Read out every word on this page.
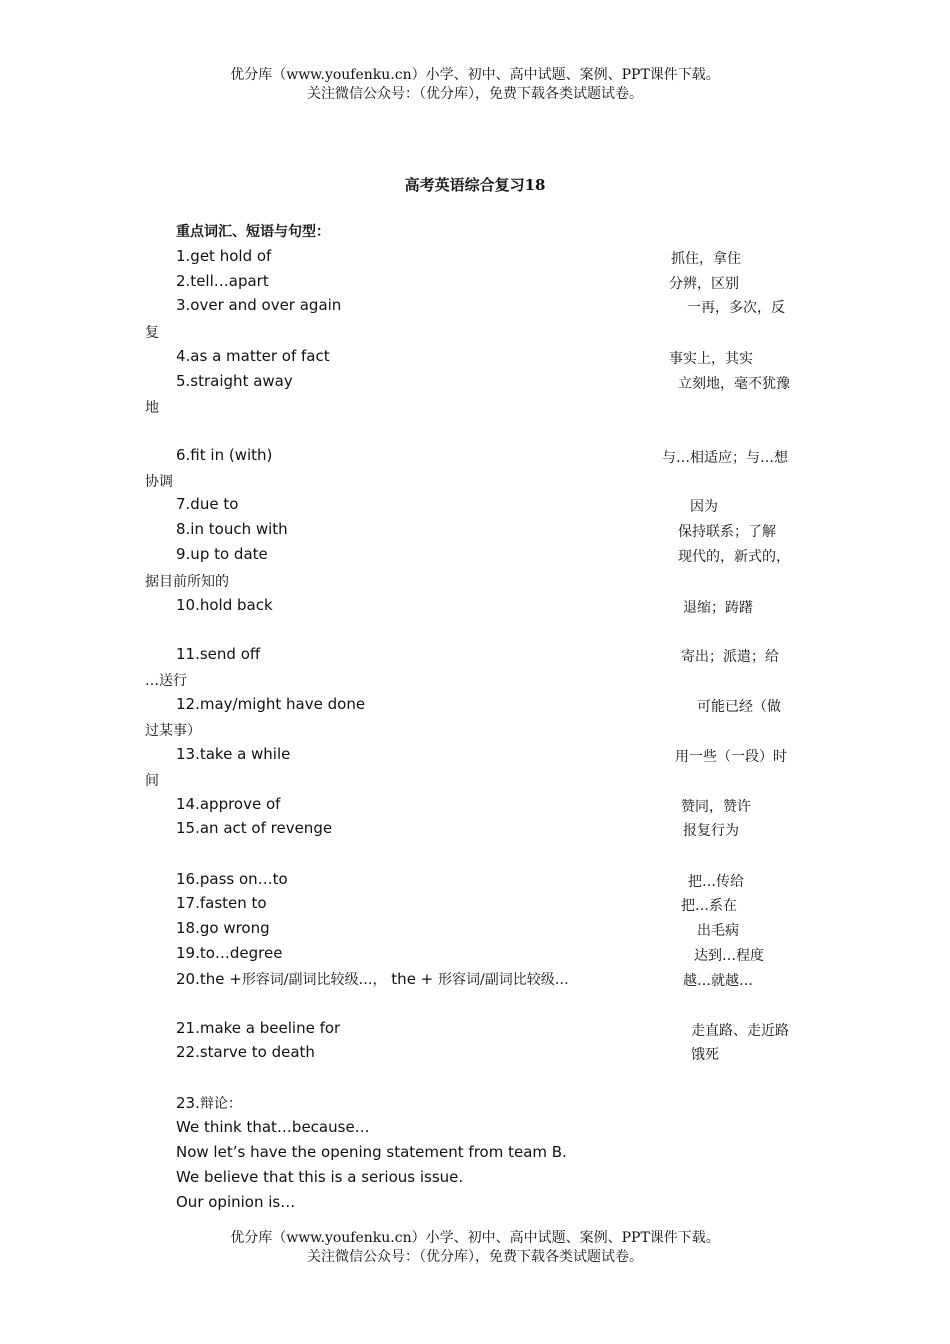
优分库（www.youfenku.cn）小学、初中、高中试题、案例、PPT课件下载。
关注微信公众号：（优分库），免费下载各类试题试卷。
高考英语综合复习18
重点词汇、短语与句型：
1.get hold of	抓住，拿住
2.tell…apart	分辨，区别
3.over and over again	一再，多次，反
复
4.as a matter of fact	事实上，其实
5.straight away	立刻地，毫不犹豫
地
6.fit in (with)	与…相适应；与…想
协调
7.due to	因为
8.in touch with	保持联系；了解
9.up to date	现代的，新式的，
据目前所知的
10.hold back	退缩；踌躇
11.send off	寄出；派遣；给
…送行
12.may/might have done	可能已经（做
过某事）
13.take a while	用一些（一段）时
间
14.approve of	赞同，赞许
15.an act of revenge	报复行为
16.pass on…to	把…传给
17.fasten to	把…系在
18.go wrong	出毛病
19.to…degree	达到…程度
20.the +形容词/副词比较级…， the + 形容词/副词比较级…	越…就越…
21.make a beeline for	走直路、走近路
22.starve to death	饿死
23.辩论：
We think that…because…
Now let’s have the opening statement from team B.
We believe that this is a serious issue.
Our opinion is…
优分库（www.youfenku.cn）小学、初中、高中试题、案例、PPT课件下载。
关注微信公众号：（优分库），免费下载各类试题试卷。
